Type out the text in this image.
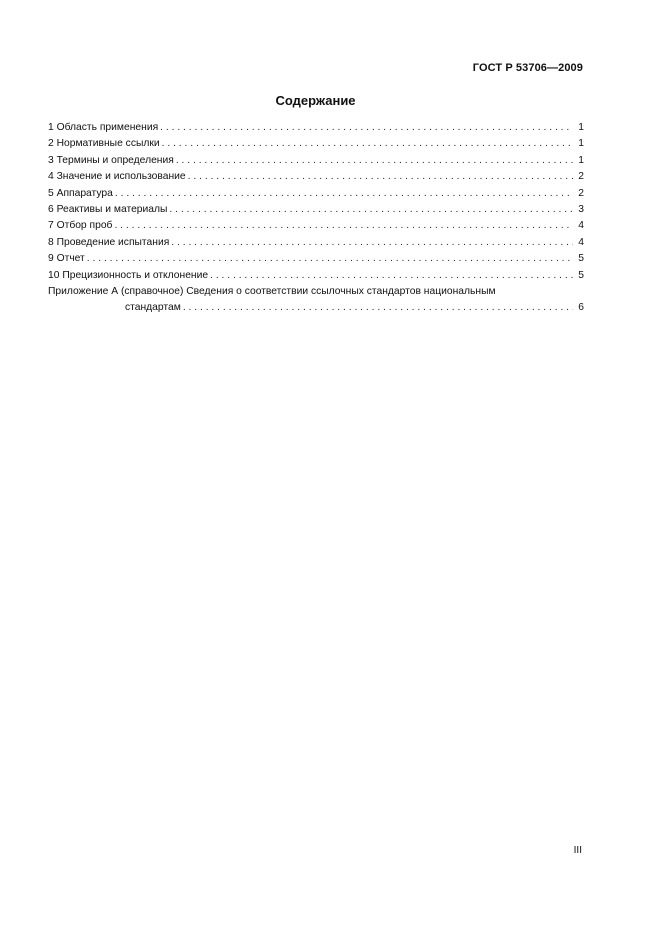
ГОСТ Р 53706—2009
Содержание
1 Область применения . . .	1
2 Нормативные ссылки . . .	1
3 Термины и определения . . .	1
4 Значение и использование . . .	2
5 Аппаратура . . .	2
6 Реактивы и материалы . . .	3
7 Отбор проб . . .	4
8 Проведение испытания . . .	4
9 Отчет . . .	5
10 Прецизионность и отклонение . . .	5
Приложение А (справочное) Сведения о соответствии ссылочных стандартов национальным
стандартам . . .	6
III
